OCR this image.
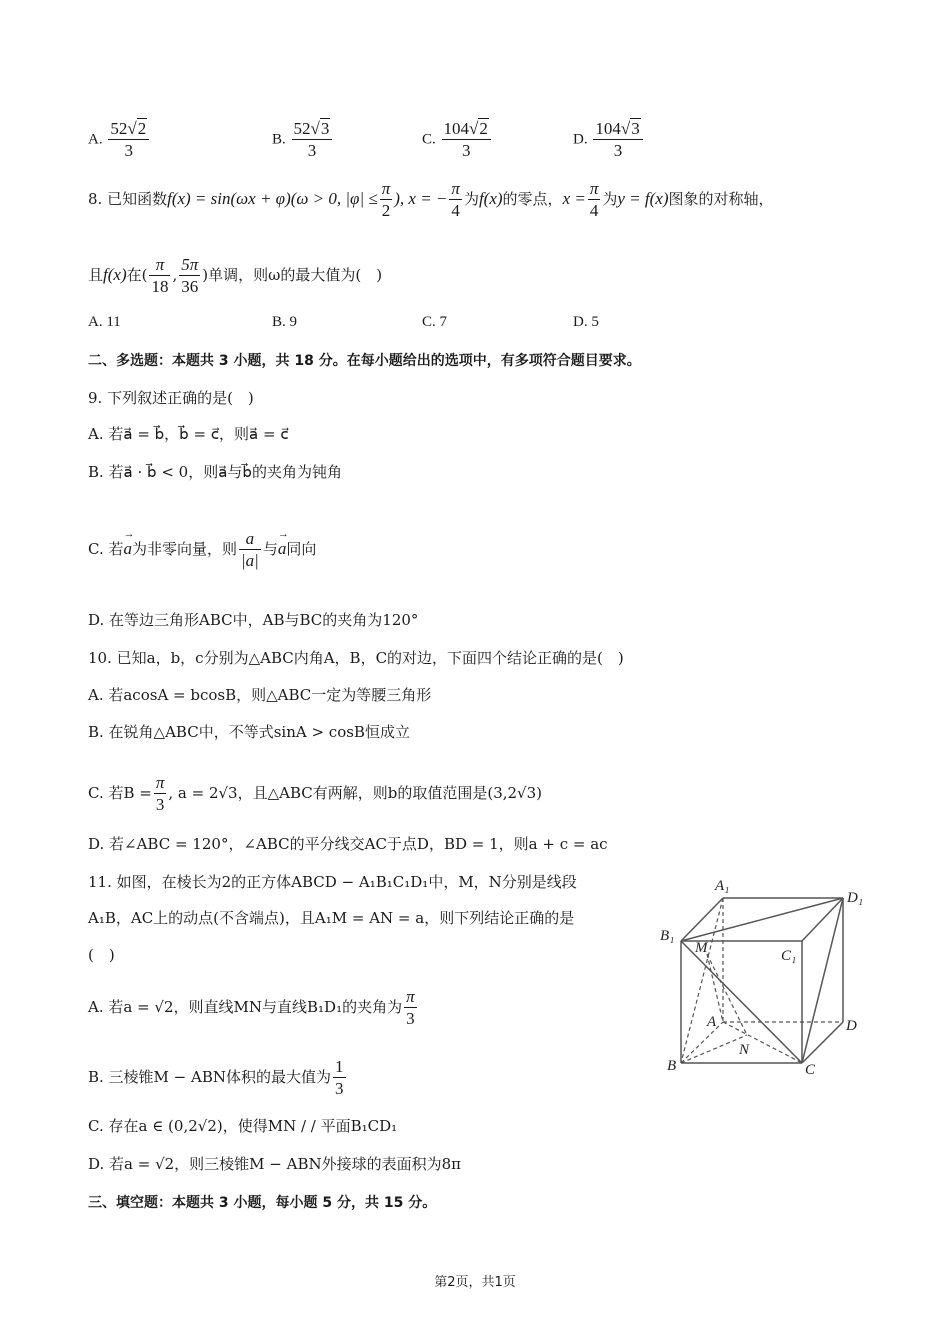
A. $\frac{52√2}{3}$	B. $\frac{52√3}{3}$	C. $\frac{104√2}{3}$	D. $\frac{104√3}{3}$
8. 已知函数f(x) = sin(ωx + φ)(ω > 0, $|\varphi| \le \frac{\pi}{2}$ ), x = − $\frac{\pi}{4}$ 为f(x)的零点，$x = \frac{\pi}{4}$ 为y = f(x)图象的对称轴，
且f(x)在( $\frac{\pi}{18}$ , $\frac{5\pi}{36}$ )单调，则ω的最大值为(　)
A. 11	B. 9	C. 7	D. 5
二、多选题：本题共 3 小题，共 18 分。在每小题给出的选项中，有多项符合题目要求。
9. 下列叙述正确的是(　)
A. 若a⃗ = b⃗，b⃗ = c⃗，则a⃗ = c⃗
B. 若a⃗ · b⃗ < 0，则a⃗与b⃗的夹角为钝角
C. 若→ a为非零向量，则 $\frac{a}{|a|}$ 与→ a同向
D. 在等边三角形ABC中，AB与BC的夹角为120°
10. 已知a，b，c分别为△ABC内角A，B，C的对边，下面四个结论正确的是(　)
A. 若acosA = bcosB，则△ABC一定为等腰三角形
B. 在锐角△ABC中，不等式sinA > cosB恒成立
C. 若$B = \frac{\pi}{3}$ , a = 2√3，且△ABC有两解，则b的取值范围是(3,2√3)
D. 若∠ABC = 120°，∠ABC的平分线交AC于点D，BD = 1，则a + c = ac
11. 如图，在棱长为2的正方体ABCD − A₁B₁C₁D₁中，M，N分别是线段
A₁B，AC上的动点(不含端点)，且A₁M = AN = a，则下列结论正确的是
(　)
A. 若a = √2，则直线MN与直线B₁D₁的夹角为 $\frac{\pi}{3}$
B. 三棱锥M − ABN体积的最大值为 $\frac{1}{3}$
C. 存在a ∈ (0,2√2)，使得MN / / 平面B₁CD₁
D. 若a = √2，则三棱锥M − ABN外接球的表面积为8π
三、填空题：本题共 3 小题，每小题 5 分，共 15 分。
A₁
D₁
B₁
M	C₁
A	D
N
B	C
第2页，共1页
